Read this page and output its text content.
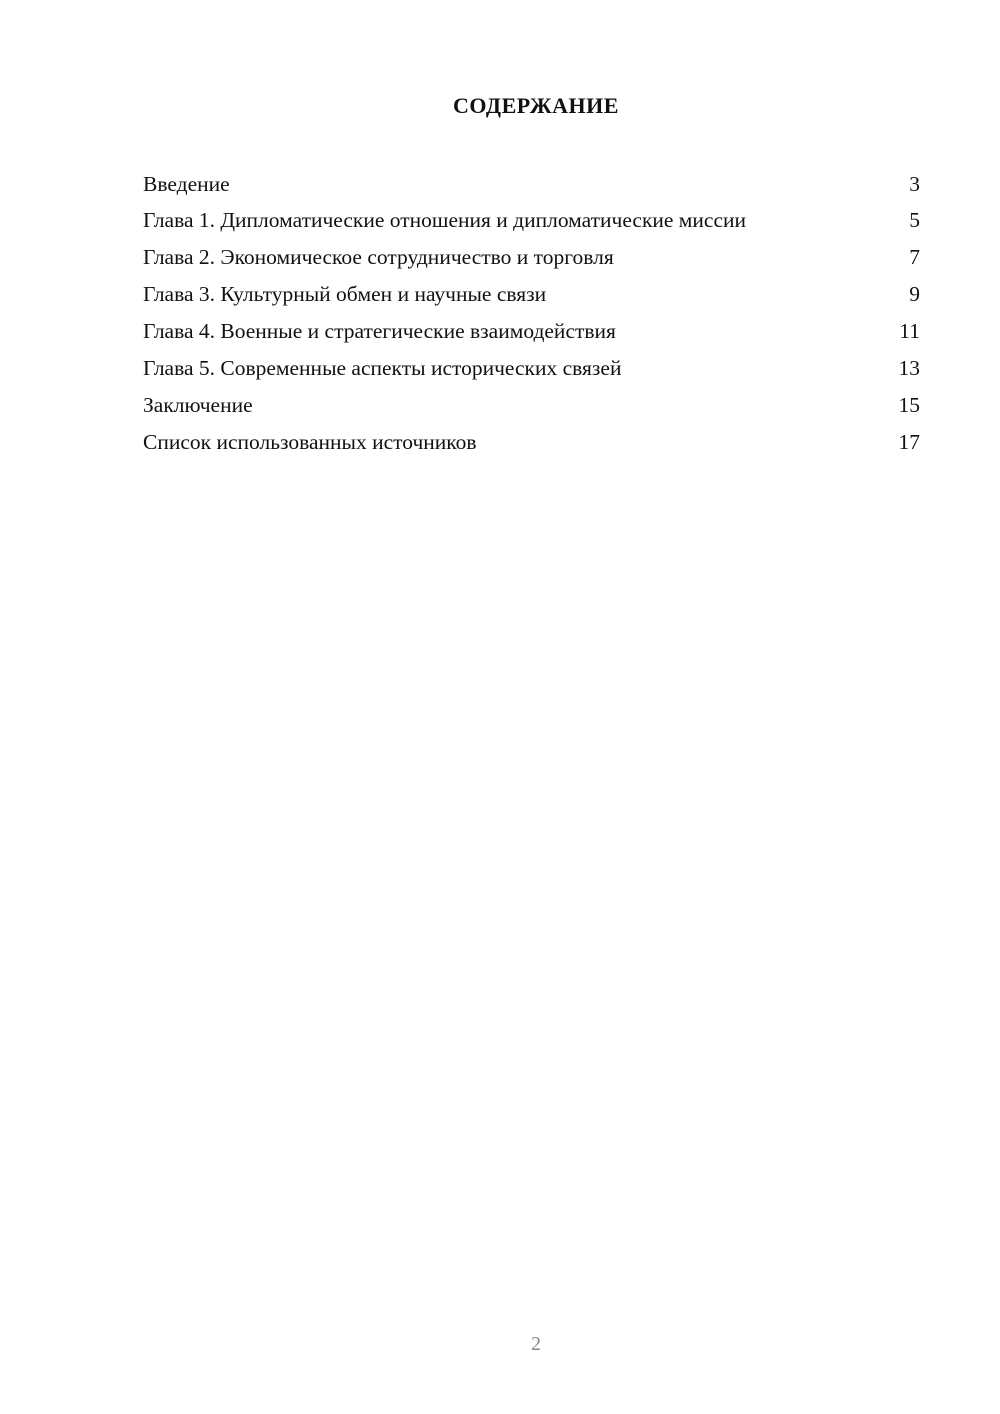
СОДЕРЖАНИЕ
Введение	3
Глава 1. Дипломатические отношения и дипломатические миссии	5
Глава 2. Экономическое сотрудничество и торговля	7
Глава 3. Культурный обмен и научные связи	9
Глава 4. Военные и стратегические взаимодействия	11
Глава 5. Современные аспекты исторических связей	13
Заключение	15
Список использованных источников	17
2
